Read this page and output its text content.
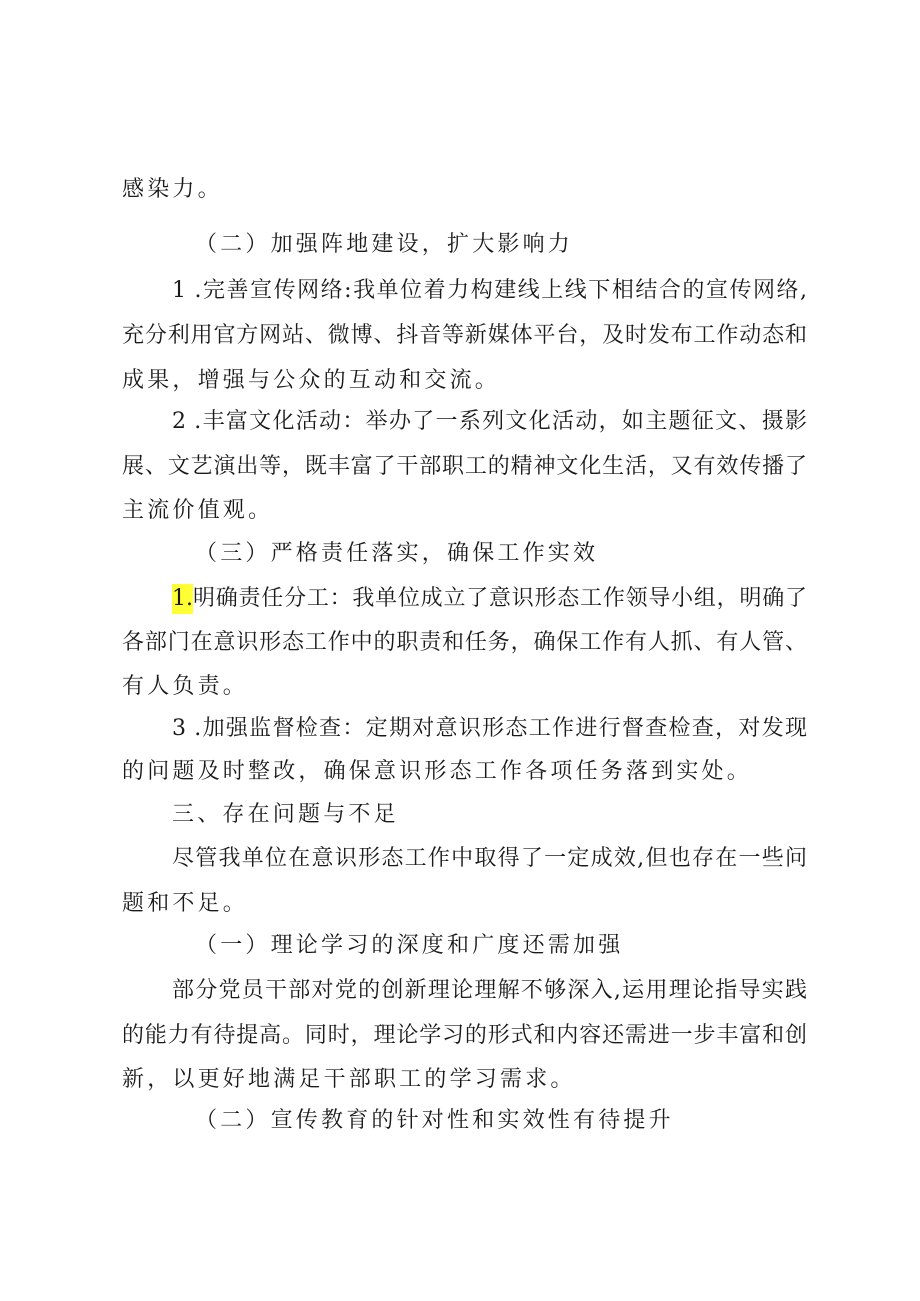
感染力。
（二）加强阵地建设，扩大影响力
1 .完善宣传网络:我单位着力构建线上线下相结合的宣传网络,
充分利用官方网站、微博、抖音等新媒体平台，及时发布工作动态和
成果，增强与公众的互动和交流。
2 .丰富文化活动：举办了一系列文化活动，如主题征文、摄影
展、文艺演出等，既丰富了干部职工的精神文化生活，又有效传播了
主流价值观。
（三）严格责任落实，确保工作实效
1. 明确责任分工：我单位成立了意识形态工作领导小组，明确了
各部门在意识形态工作中的职责和任务，确保工作有人抓、有人管、
有人负责。
3 .加强监督检查：定期对意识形态工作进行督查检查，对发现
的问题及时整改，确保意识形态工作各项任务落到实处。
三、存在问题与不足
尽管我单位在意识形态工作中取得了一定成效,但也存在一些问
题和不足。
（一）理论学习的深度和广度还需加强
部分党员干部对党的创新理论理解不够深入,运用理论指导实践
的能力有待提高。同时，理论学习的形式和内容还需进一步丰富和创
新，以更好地满足干部职工的学习需求。
（二）宣传教育的针对性和实效性有待提升
